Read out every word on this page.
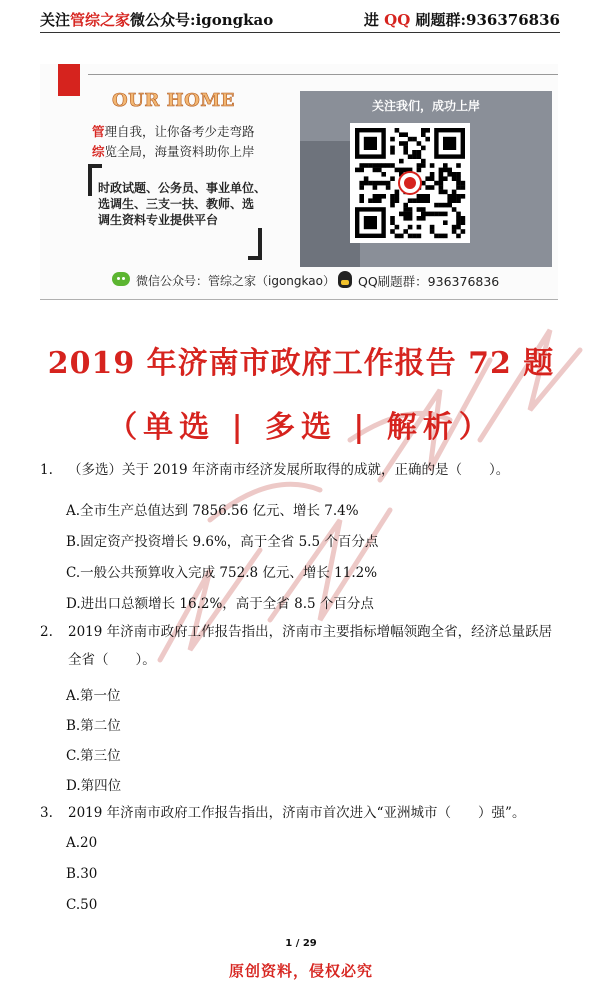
关注管综之家微公众号:igongkao	进 QQ 刷题群:936376836
OUR HOME
管理自我，让你备考少走弯路
综览全局，海量资料助你上岸
时政试题、公务员、事业单位、
选调生、三支一扶、教师、选
调生资料专业提供平台
关注我们，成功上岸
微信公众号：管综之家（igongkao） QQ刷题群：936376836
2019 年济南市政府工作报告 72 题
（单选 | 多选 | 解析）
1. （多选）关于 2019 年济南市经济发展所取得的成就，正确的是（　　）。
A.全市生产总值达到 7856.56 亿元、增长 7.4%
B.固定资产投资增长 9.6%，高于全省 5.5 个百分点
C.一般公共预算收入完成 752.8 亿元、增长 11.2%
D.进出口总额增长 16.2%，高于全省 8.5 个百分点
2. 2019 年济南市政府工作报告指出，济南市主要指标增幅领跑全省，经济总量跃居全省（　　）。
A.第一位
B.第二位
C.第三位
D.第四位
3. 2019 年济南市政府工作报告指出，济南市首次进入“亚洲城市（　　）强”。
A.20
B.30
C.50
1 / 29
原创资料，侵权必究
